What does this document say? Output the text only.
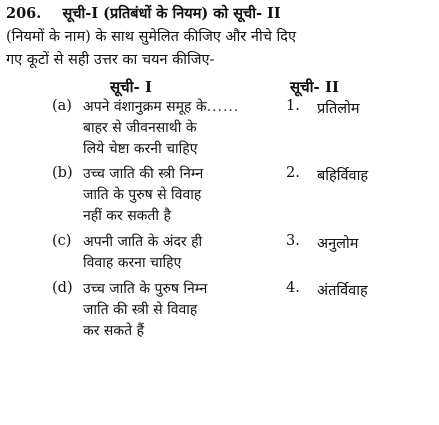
206. सूची-I (प्रतिबंधों के नियम) को सूची- II
(नियमों के नाम) के साथ सुमेलित कीजिए और नीचे दिए
गए कूटों से सही उत्तर का चयन कीजिए-
सूची- I	सूची- II
(a) अपने वंशानुक्रम समूह के......
बाहर से जीवनसाथी के
लिये चेष्टा करनी चाहिए
1. प्रतिलोम
(b) उच्च जाति की स्त्री निम्न
जाति के पुरुष से विवाह
नहीं कर सकती है
2. बहिर्विवाह
(c) अपनी जाति के अंदर ही
विवाह करना चाहिए
3. अनुलोम
(d) उच्च जाति के पुरुष निम्न
जाति की स्त्री से विवाह
कर सकते हैं
4. अंतर्विवाह
